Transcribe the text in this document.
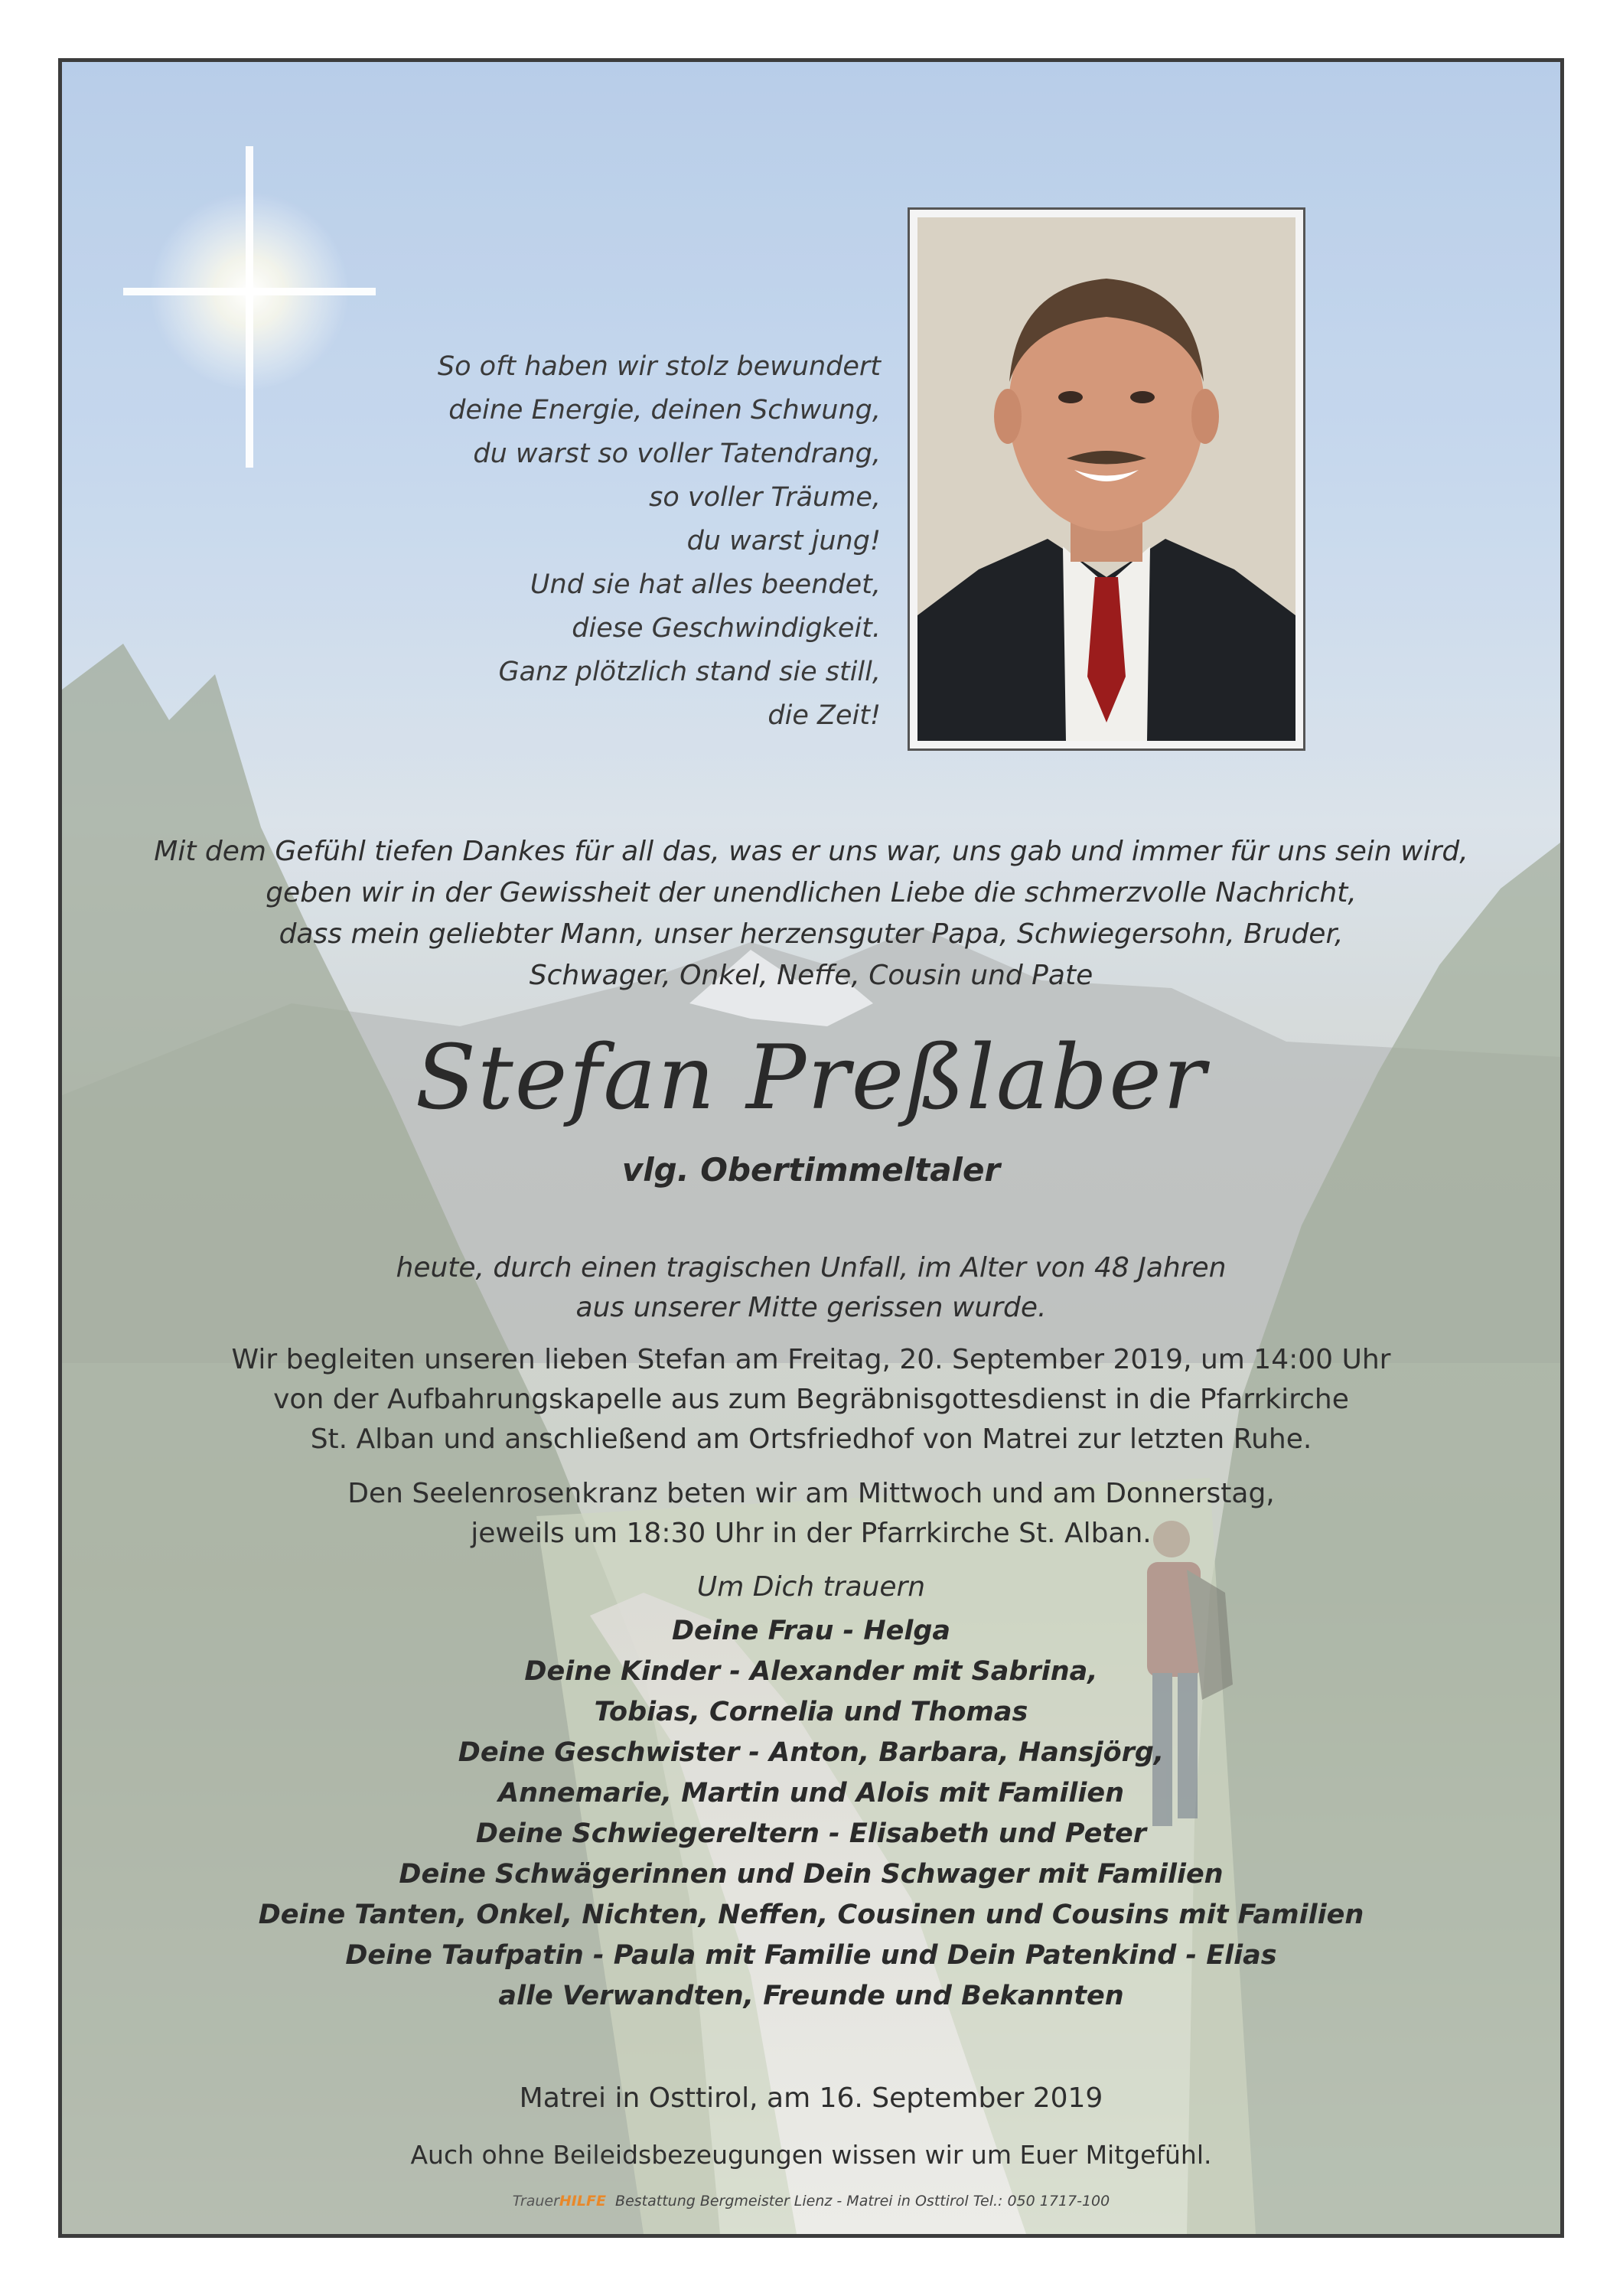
So oft haben wir stolz bewundert
deine Energie, deinen Schwung,
du warst so voller Tatendrang,
so voller Träume,
du warst jung!
Und sie hat alles beendet,
diese Geschwindigkeit.
Ganz plötzlich stand sie still,
die Zeit!
Mit dem Gefühl tiefen Dankes für all das, was er uns war, uns gab und immer für uns sein wird,
geben wir in der Gewissheit der unendlichen Liebe die schmerzvolle Nachricht,
dass mein geliebter Mann, unser herzensguter Papa, Schwiegersohn, Bruder,
Schwager, Onkel, Neffe, Cousin und Pate
Stefan Preßlaber
vlg. Obertimmeltaler
heute, durch einen tragischen Unfall, im Alter von 48 Jahren
aus unserer Mitte gerissen wurde.
Wir begleiten unseren lieben Stefan am Freitag, 20. September 2019, um 14:00 Uhr
von der Aufbahrungskapelle aus zum Begräbnisgottesdienst in die Pfarrkirche
St. Alban und anschließend am Ortsfriedhof von Matrei zur letzten Ruhe.
Den Seelenrosenkranz beten wir am Mittwoch und am Donnerstag,
jeweils um 18:30 Uhr in der Pfarrkirche St. Alban.
Um Dich trauern
Deine Frau - Helga
Deine Kinder - Alexander mit Sabrina,
Tobias, Cornelia und Thomas
Deine Geschwister - Anton, Barbara, Hansjörg,
Annemarie, Martin und Alois mit Familien
Deine Schwiegereltern - Elisabeth und Peter
Deine Schwägerinnen und Dein Schwager mit Familien
Deine Tanten, Onkel, Nichten, Neffen, Cousinen und Cousins mit Familien
Deine Taufpatin - Paula mit Familie und Dein Patenkind - Elias
alle Verwandten, Freunde und Bekannten
Matrei in Osttirol, am 16. September 2019
Auch ohne Beileidsbezeugungen wissen wir um Euer Mitgefühl.
TrauerHILFE Bestattung Bergmeister Lienz - Matrei in Osttirol Tel.: 050 1717-100
